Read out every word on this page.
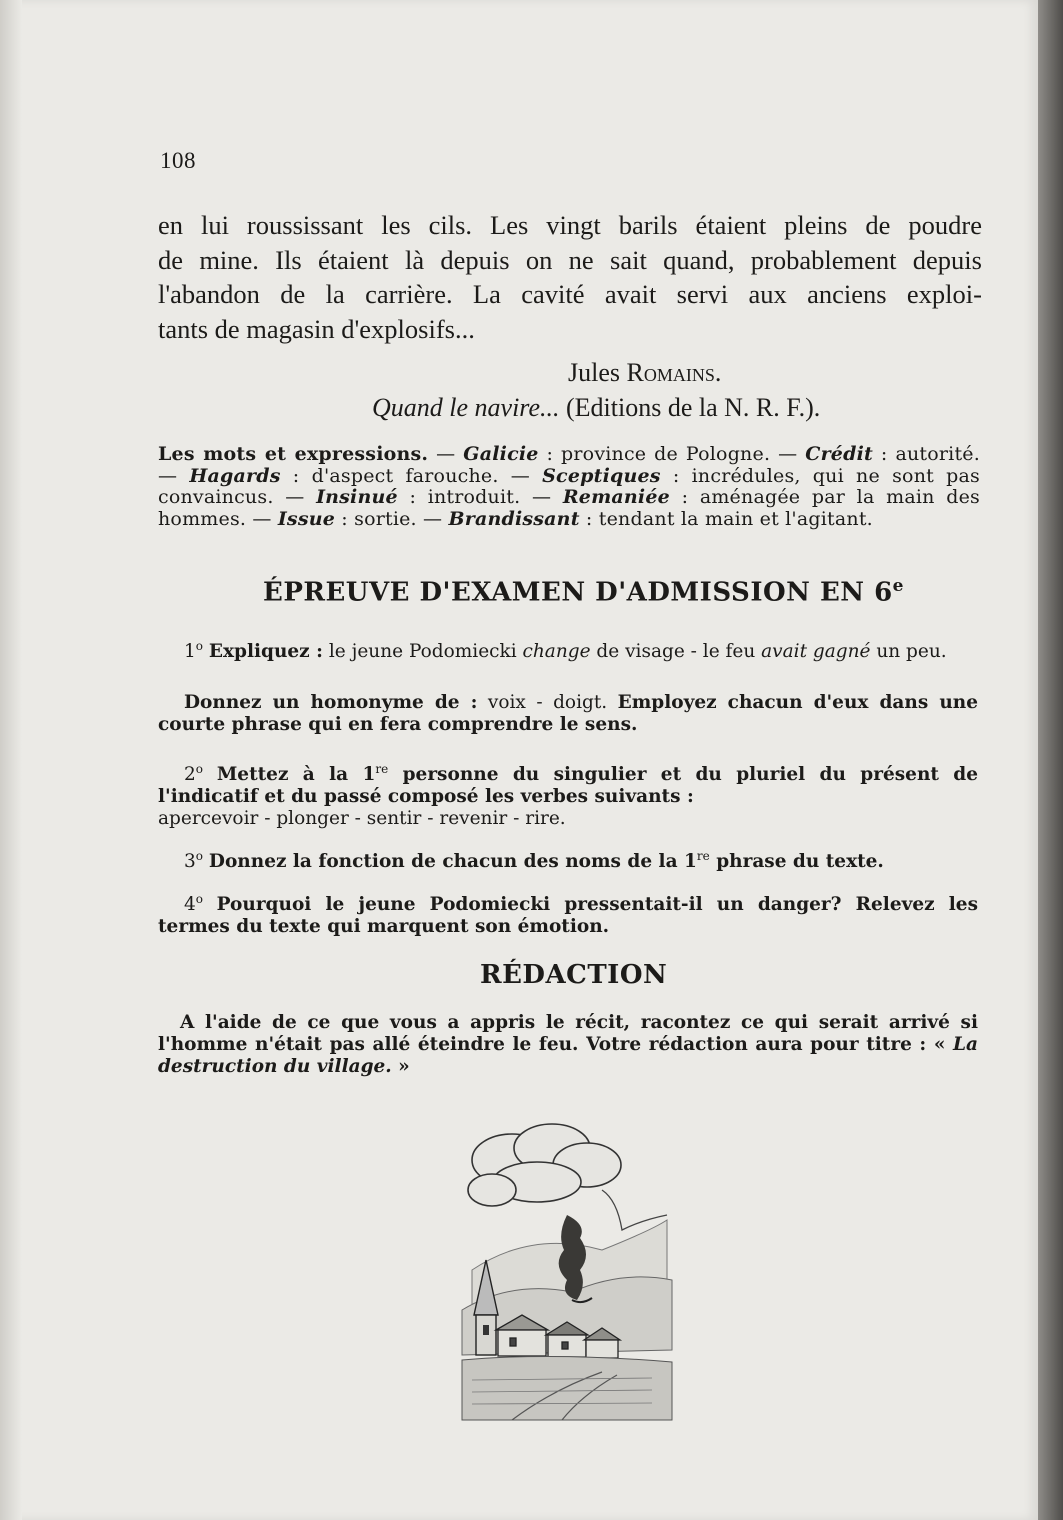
108
en lui roussissant les cils. Les vingt barils étaient pleins de poudre
de mine. Ils étaient là depuis on ne sait quand, probablement depuis
l'abandon de la carrière. La cavité avait servi aux anciens exploi-
tants de magasin d'explosifs...
Jules Romains.
Quand le navire... (Editions de la N. R. F.).
Les mots et expressions. — Galicie : province de Pologne. — Crédit : autorité. — Hagards : d'aspect farouche. — Sceptiques : incrédules, qui ne sont pas convaincus. — Insinué : introduit. — Remaniée : aménagée par la main des hommes. — Issue : sortie. — Brandissant : tendant la main et l'agitant.
ÉPREUVE D'EXAMEN D'ADMISSION EN 6e
1$^o$ Expliquez : le jeune Podomiecki change de visage - le feu avait gagné un peu.
Donnez un homonyme de : voix - doigt. Employez chacun d'eux dans une courte phrase qui en fera comprendre le sens.
2$^o$ Mettez à la 1re personne du singulier et du pluriel du présent de l'indicatif et du passé composé les verbes suivants :
apercevoir - plonger - sentir - revenir - rire.
3$^o$ Donnez la fonction de chacun des noms de la 1re phrase du texte.
4$^o$ Pourquoi le jeune Podomiecki pressentait-il un danger? Relevez les termes du texte qui marquent son émotion.
RÉDACTION
A l'aide de ce que vous a appris le récit, racontez ce qui serait arrivé si l'homme n'était pas allé éteindre le feu. Votre rédaction aura pour titre : « La destruction du village. »
